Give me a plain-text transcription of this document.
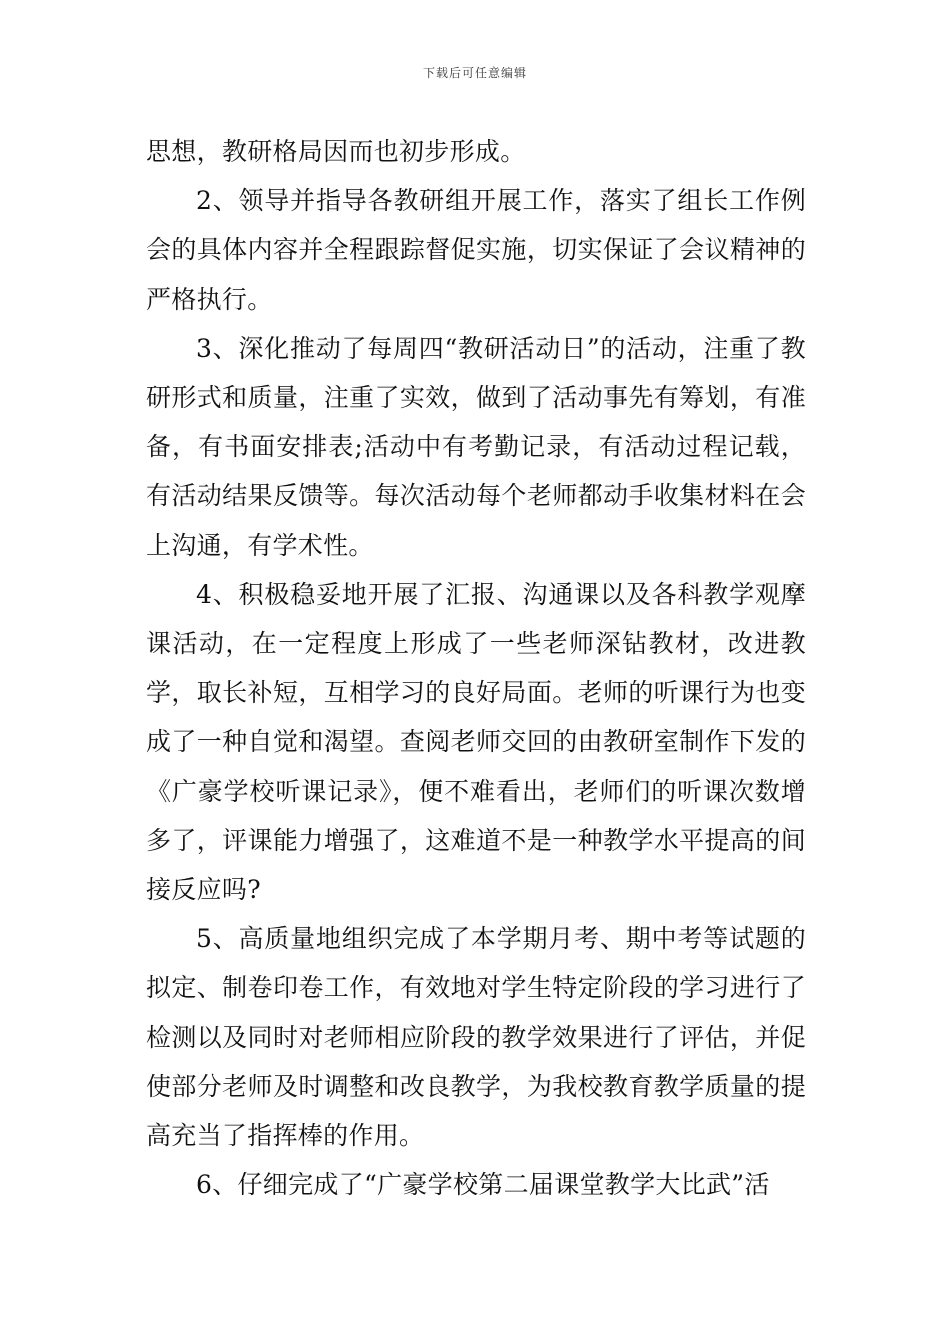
下载后可任意编辑

思想，教研格局因而也初步形成。

2、领导并指导各教研组开展工作，落实了组长工作例会的具体内容并全程跟踪督促实施，切实保证了会议精神的严格执行。

3、深化推动了每周四“教研活动日”的活动，注重了教研形式和质量，注重了实效，做到了活动事先有筹划，有准备，有书面安排表;活动中有考勤记录，有活动过程记载，有活动结果反馈等。每次活动每个老师都动手收集材料在会上沟通，有学术性。

4、积极稳妥地开展了汇报、沟通课以及各科教学观摩课活动，在一定程度上形成了一些老师深钻教材，改进教学，取长补短，互相学习的良好局面。老师的听课行为也变成了一种自觉和渴望。查阅老师交回的由教研室制作下发的《广豪学校听课记录》，便不难看出，老师们的听课次数增多了，评课能力增强了，这难道不是一种教学水平提高的间接反应吗?

5、高质量地组织完成了本学期月考、期中考等试题的拟定、制卷印卷工作，有效地对学生特定阶段的学习进行了检测以及同时对老师相应阶段的教学效果进行了评估，并促使部分老师及时调整和改良教学，为我校教育教学质量的提高充当了指挥棒的作用。

6、仔细完成了“广豪学校第二届课堂教学大比武”活
